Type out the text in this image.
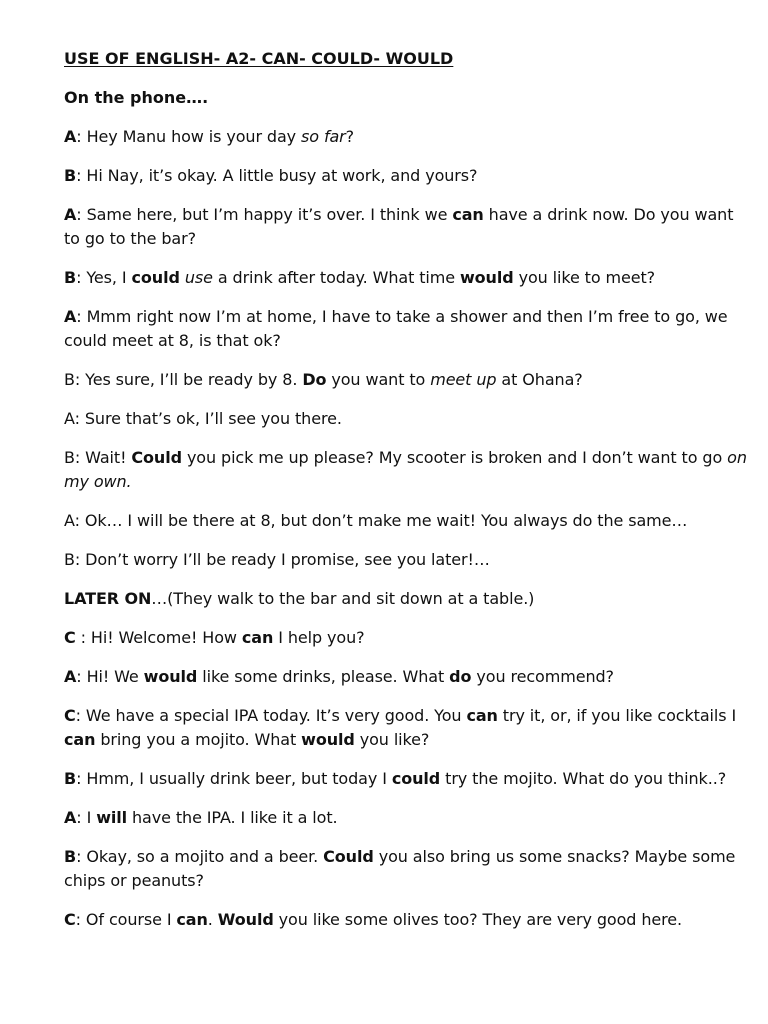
USE OF ENGLISH- A2- CAN- COULD- WOULD
On the phone….
A: Hey Manu how is your day so far?
B: Hi Nay, it’s okay. A little busy at work, and yours?
A: Same here, but I’m happy it’s over. I think we can have a drink now. Do you want to go to the bar?
B: Yes, I could use a drink after today. What time would you like to meet?
A: Mmm right now I’m at home, I have to take a shower and then I’m free to go, we could meet at 8, is that ok?
B: Yes sure, I’ll be ready by 8. Do you want to meet up at Ohana?
A: Sure that’s ok, I’ll see you there.
B: Wait! Could you pick me up please? My scooter is broken and I don’t want to go on my own.
A: Ok… I will be there at 8, but don’t make me wait! You always do the same…
B: Don’t worry I’ll be ready I promise, see you later!…
LATER ON…(They walk to the bar and sit down at a table.)
C : Hi! Welcome! How can I help you?
A: Hi! We would like some drinks, please. What do you recommend?
C: We have a special IPA today. It’s very good. You can try it, or, if you like cocktails I can bring you a mojito. What would you like?
B: Hmm, I usually drink beer, but today I could try the mojito. What do you think..?
A: I will have the IPA. I like it a lot.
B: Okay, so a mojito and a beer. Could you also bring us some snacks? Maybe some chips or peanuts?
C: Of course I can. Would you like some olives too? They are very good here.
